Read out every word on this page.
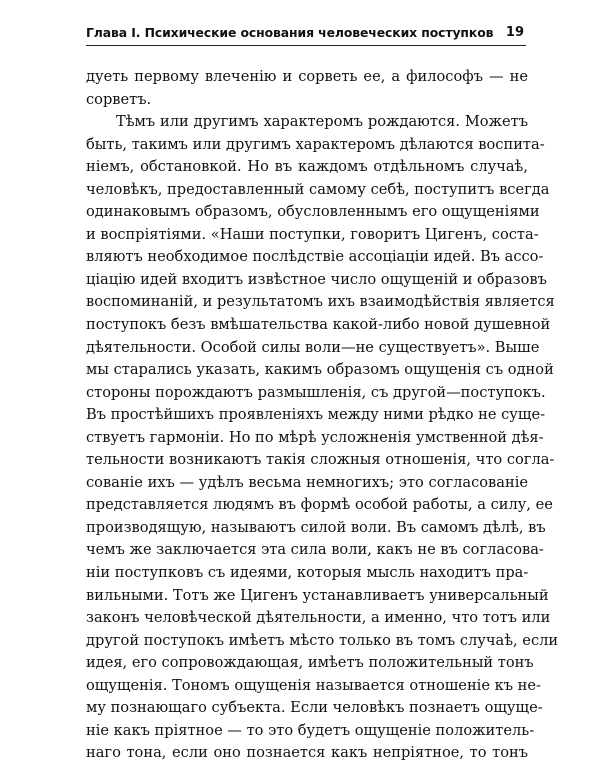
Глава I. Психические основания человеческих поступков 19
дуеть первому влеченію и сорветь ее, а философъ — не
сорветъ.
Тѣмъ или другимъ характеромъ рождаются. Можетъ
быть, такимъ или другимъ характеромъ дѣлаются воспита-
ніемъ, обстановкой. Но въ каждомъ отдѣльномъ случаѣ,
человѣкъ, предоставленный самому себѣ, поступитъ всегда
одинаковымъ образомъ, обусловленнымъ его ощущеніями
и воспріятіями. «Наши поступки, говоритъ Цигенъ, соста-
вляютъ необходимое послѣдствіе ассоціаціи идей. Въ ассо-
ціацію идей входитъ извѣстное число ощущеній и образовъ
воспоминаній, и результатомъ ихъ взаимодѣйствія является
поступокъ безъ вмѣшательства какой-либо новой душевной
дѣятельности. Особой силы воли—не существуетъ». Выше
мы старались указать, какимъ образомъ ощущенія съ одной
стороны порождаютъ размышленія, съ другой—поступокъ.
Въ простѣйшихъ проявленіяхъ между ними рѣдко не суще-
ствуетъ гармоніи. Но по мѣрѣ усложненія умственной дѣя-
тельности возникаютъ такія сложныя отношенія, что согла-
сованіе ихъ — удѣлъ весьма немногихъ; это согласованіе
представляется людямъ въ формѣ особой работы, а силу, ее
производящую, называютъ силой воли. Въ самомъ дѣлѣ, въ
чемъ же заключается эта сила воли, какъ не въ согласова-
ніи поступковъ съ идеями, которыя мысль находитъ пра-
вильными. Тотъ же Цигенъ устанавливаетъ универсальный
законъ человѣческой дѣятельности, а именно, что тотъ или
другой поступокъ имѣетъ мѣсто только въ томъ случаѣ, если
идея, его сопровождающая, имѣетъ положительный тонъ
ощущенія. Тономъ ощущенія называется отношеніе къ не-
му познающаго субъекта. Если человѣкъ познаетъ ощуще-
ніе какъ пріятное — то это будетъ ощущеніе положитель-
наго тона, если оно познается какъ непріятное, то тонъ
